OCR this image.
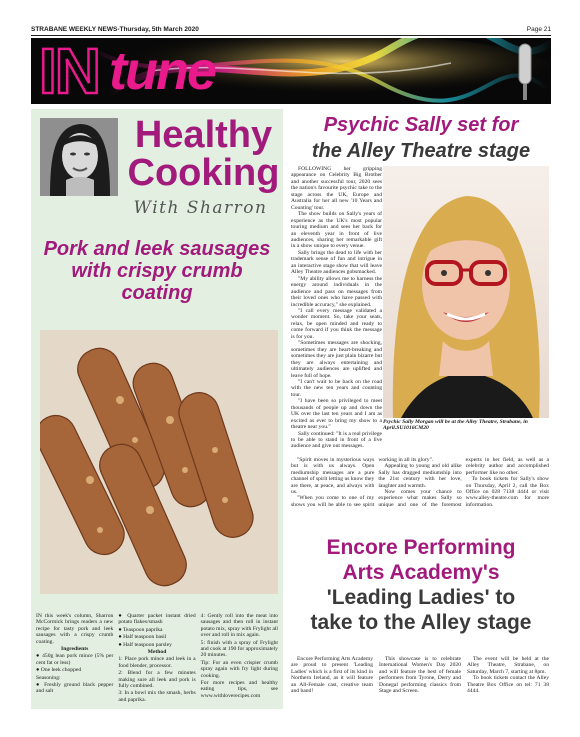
STRABANE WEEKLY NEWS-Thursday, 5th March 2020	Page 21
IN tune
Healthy Cooking
With Sharron
Pork and leek sausages with crispy crumb coating

IN this week's column, Sharron McCormick brings readers a new recipe for tasty pork and leek sausages with a crispy crumb coating.

Ingredients

● 450g lean pork mince (5% per cent fat or less)

● One leek chopped

Seasoning:

● Freshly ground black pepper and salt

● Quarter packet instant dried potato flakes/smash

● Teaspoon paprika

● Half teaspoon basil

● Half teaspoon parsley

Method

1: Place pork mince and leek in a food blender, processor.

2: Blend for a few minutes making sure all leek and pork is fully combined.

3: In a bowl mix the smash, herbs and paprika.

4: Gently roll into the meat into sausages and then roll in instant potato mix, spray with Frylight all over and roll in mix again.

5: finish with a spray of Frylight and cook at 190 for approximately 20 minutes.

Tip: For an even crispier crumb spray again with fry light during cooking.

For more recipes and healthy eating tips, see www.withloverecipes.com

Psychic Sally set for
the Alley Theatre stage

FOLLOWING her gripping appearance on Celebrity Big Brother and another successful tour, 2020 sees the nation's favourite psychic take to the stage across the UK, Europe and Australia for her all new '10 Years and Counting' tour.

The show builds on Sally's years of experience as the UK's most popular touring medium and sees her back for an eleventh year in front of live audiences, sharing her remarkable gift in a show unique to every venue.

Sally brings the dead to life with her trademark sense of fun and intrigue in an interactive stage show that will leave Alley Theatre audiences gobsmacked.

"My ability allows me to harness the energy around individuals in the audience and pass on messages from their loved ones who have passed with incredible accuracy," she explained.

"I call every message validated a wonder moment. So, take your seats, relax, be open minded and ready to come forward if you think the message is for you.

"Sometimes messages are shocking, sometimes they are heart-breaking and sometimes they are just plain bizarre but they are always entertaining and ultimately audiences are uplifted and leave full of hope.

"I can't wait to be back on the road with the new ten years and counting tour.

"I have been so privileged to meet thousands of people up and down the UK over the last ten years and I am as excited as ever to bring my show to a theatre near you."

Sally continued: "It is a real privilege to be able to stand in front of a live audience and give out messages.

Psychic Sally Morgan will be at the Alley Theatre, Strabane, in April.SU1016CM20

"Spirit moves in mysterious ways but is with us always. Open mediumship messages are a pure channel of spirit letting us know they are there, at peace, and always with us.

"When you come to one of my shows you will be able to see spirit working in all its glory".

Appealing to young and old alike Sally has dragged mediumship into the 21st century with her love, laughter and warmth.

Now comes your chance to experience what makes Sally so unique and one of the foremost experts in her field, as well as a celebrity author and accomplished performer like no other.

To book tickets for Sally's show on Thursday, April 2, call the Box Office on 028 7138 4444 or visit www.alley-theatre.com for more information.

Encore Performing
Arts Academy's
'Leading Ladies' to
take to the Alley stage

Encore Performing Arts Academy are proud to present 'Leading Ladies' which is a first of its kind in Northern Ireland, as it will feature an All-Female cast, creative team and band!

This showcase is to celebrate International Women's Day 2020 and will feature the best of female performers from Tyrone, Derry and Donegal performing classics from Stage and Screen.

The event will be held at the Alley Theatre, Strabane, on Saturday, March 7, starting at 8pm.

To book tickets contact the Alley Theatre Box Office on tel: 71 38 4444.
